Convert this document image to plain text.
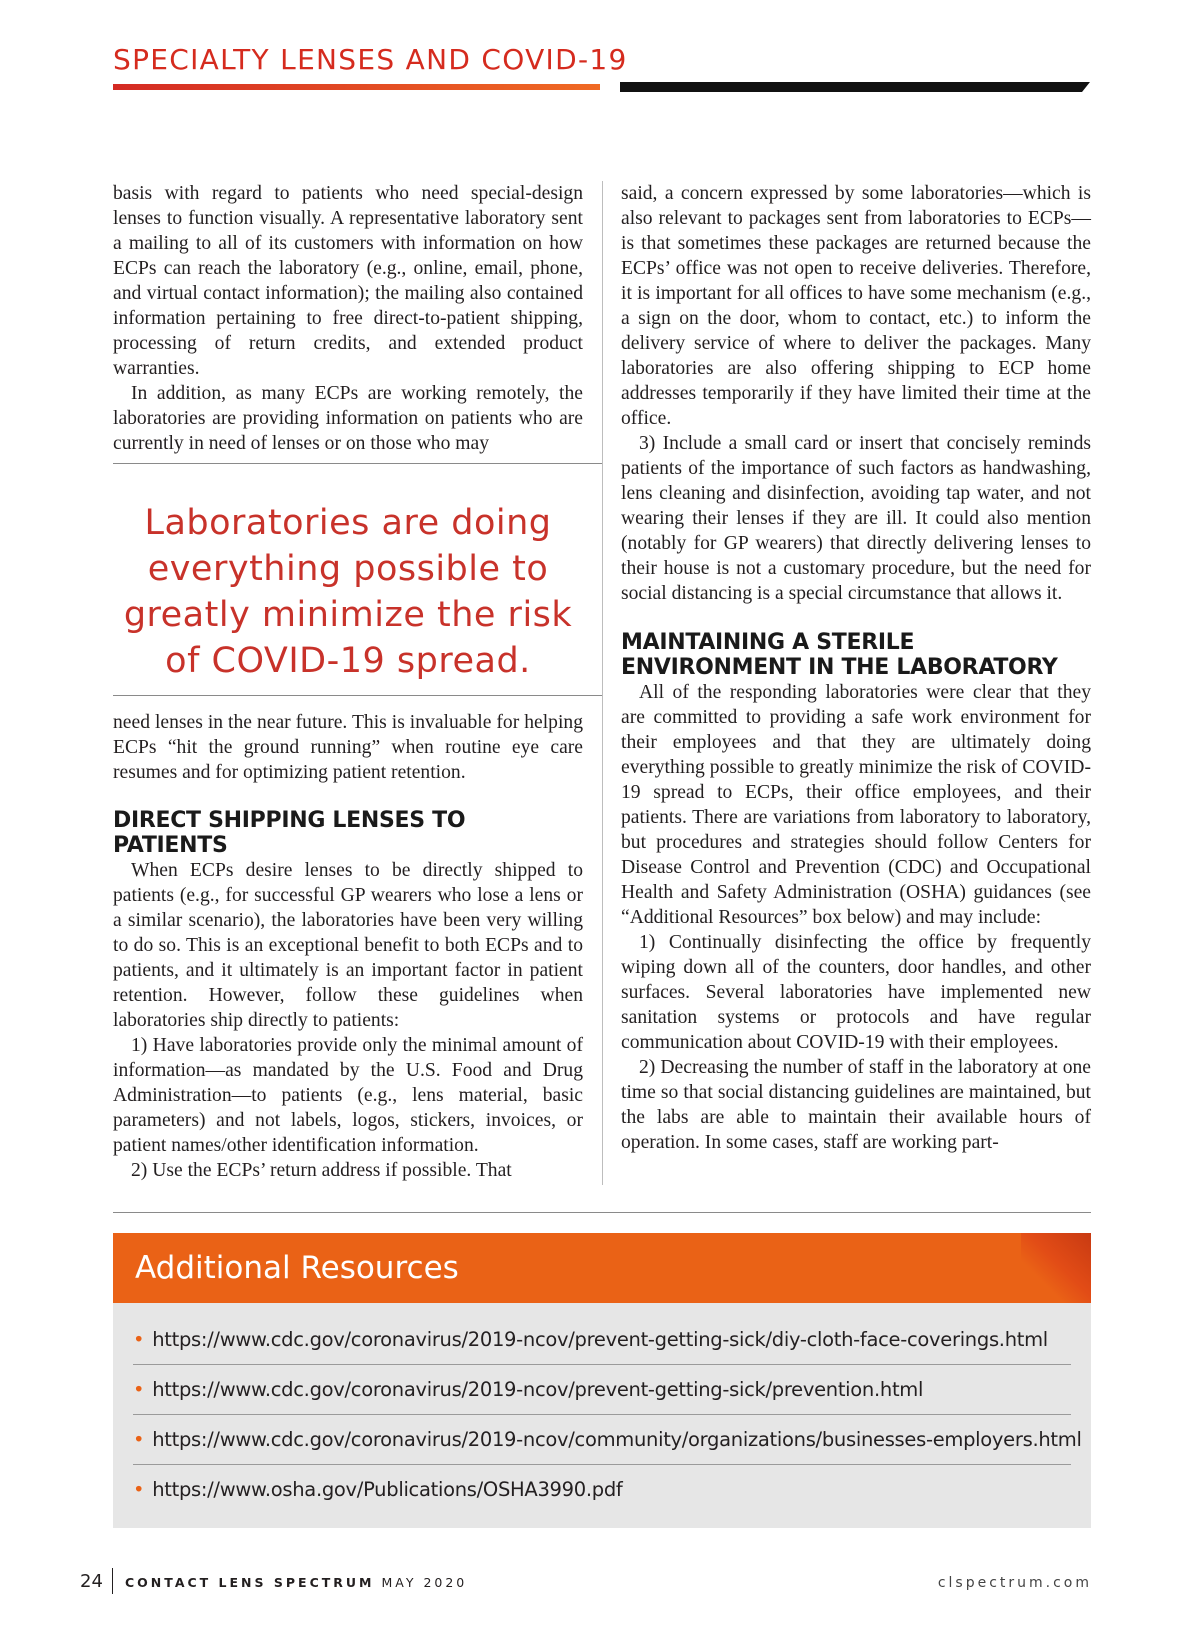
SPECIALTY LENSES AND COVID-19

basis with regard to patients who need special-design lenses to function visually. A representative laboratory sent a mailing to all of its customers with information on how ECPs can reach the laboratory (e.g., online, email, phone, and virtual contact information); the mailing also contained information pertaining to free direct-to-patient shipping, processing of return credits, and extended product warranties.

In addition, as many ECPs are working remotely, the laboratories are providing information on patients who are currently in need of lenses or on those who may

Laboratories are doing everything possible to greatly minimize the risk of COVID-19 spread.

need lenses in the near future. This is invaluable for helping ECPs “hit the ground running” when routine eye care resumes and for optimizing patient retention.

DIRECT SHIPPING LENSES TO PATIENTS

When ECPs desire lenses to be directly shipped to patients (e.g., for successful GP wearers who lose a lens or a similar scenario), the laboratories have been very willing to do so. This is an exceptional benefit to both ECPs and to patients, and it ultimately is an important factor in patient retention. However, follow these guidelines when laboratories ship directly to patients:

1) Have laboratories provide only the minimal amount of information—as mandated by the U.S. Food and Drug Administration—to patients (e.g., lens material, basic parameters) and not labels, logos, stickers, invoices, or patient names/other identification information.

2) Use the ECPs’ return address if possible. That

said, a concern expressed by some laboratories—which is also relevant to packages sent from laboratories to ECPs—is that sometimes these packages are returned because the ECPs’ office was not open to receive deliveries. Therefore, it is important for all offices to have some mechanism (e.g., a sign on the door, whom to contact, etc.) to inform the delivery service of where to deliver the packages. Many laboratories are also offering shipping to ECP home addresses temporarily if they have limited their time at the office.

3) Include a small card or insert that concisely reminds patients of the importance of such factors as handwashing, lens cleaning and disinfection, avoiding tap water, and not wearing their lenses if they are ill. It could also mention (notably for GP wearers) that directly delivering lenses to their house is not a customary procedure, but the need for social distancing is a special circumstance that allows it.

MAINTAINING A STERILE ENVIRONMENT IN THE LABORATORY

All of the responding laboratories were clear that they are committed to providing a safe work environment for their employees and that they are ultimately doing everything possible to greatly minimize the risk of COVID-19 spread to ECPs, their office employees, and their patients. There are variations from laboratory to laboratory, but procedures and strategies should follow Centers for Disease Control and Prevention (CDC) and Occupational Health and Safety Administration (OSHA) guidances (see “Additional Resources” box below) and may include:

1) Continually disinfecting the office by frequently wiping down all of the counters, door handles, and other surfaces. Several laboratories have implemented new sanitation systems or protocols and have regular communication about COVID-19 with their employees.

2) Decreasing the number of staff in the laboratory at one time so that social distancing guidelines are maintained, but the labs are able to maintain their available hours of operation. In some cases, staff are working part-

Additional Resources
• https://www.cdc.gov/coronavirus/2019-ncov/prevent-getting-sick/diy-cloth-face-coverings.html
• https://www.cdc.gov/coronavirus/2019-ncov/prevent-getting-sick/prevention.html
• https://www.cdc.gov/coronavirus/2019-ncov/community/organizations/businesses-employers.html
• https://www.osha.gov/Publications/OSHA3990.pdf
24 CONTACT LENS SPECTRUM MAY 2020	clspectrum.com
